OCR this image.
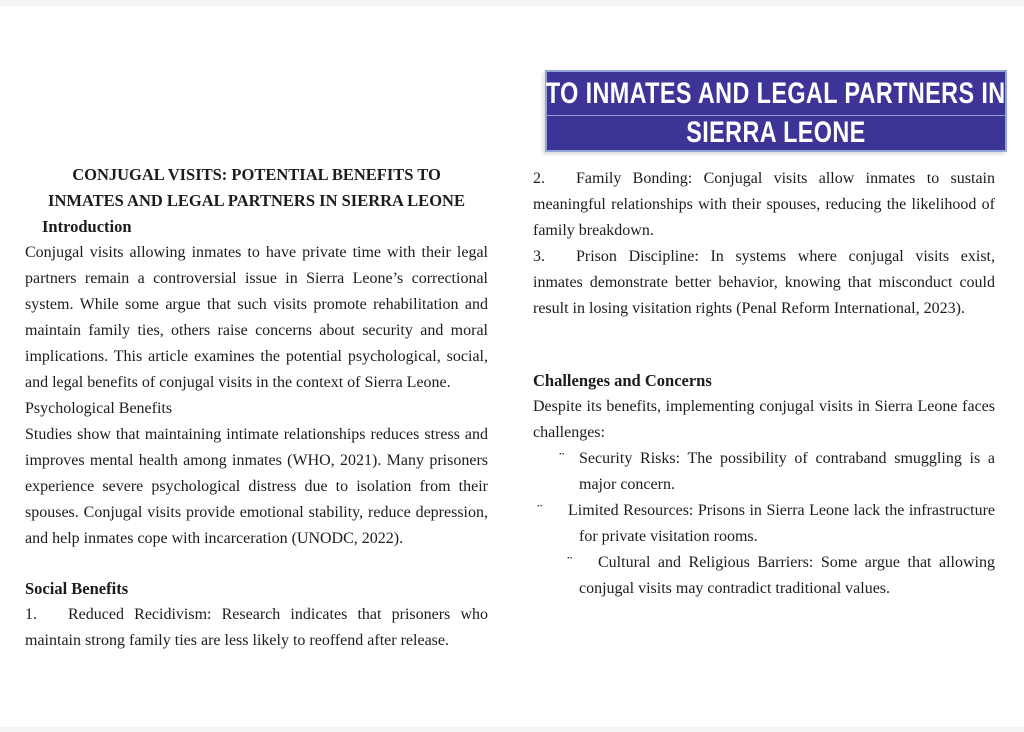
TO INMATES AND LEGAL PARTNERS IN
SIERRA LEONE
CONJUGAL VISITS: POTENTIAL BENEFITS TO
INMATES AND LEGAL PARTNERS IN SIERRA LEONE
Introduction

Conjugal visits allowing inmates to have private time with their legal partners remain a controversial issue in Sierra Leone’s correctional system. While some argue that such visits promote rehabilitation and maintain family ties, others raise concerns about security and moral implications. This article examines the potential psychological, social, and legal benefits of conjugal visits in the context of Sierra Leone.

Psychological Benefits

Studies show that maintaining intimate relationships reduces stress and improves mental health among inmates (WHO, 2021). Many prisoners experience severe psychological distress due to isolation from their spouses. Conjugal visits provide emotional stability, reduce depression, and help inmates cope with incarceration (UNODC, 2022).

Social Benefits

1. Reduced Recidivism: Research indicates that prisoners who maintain strong family ties are less likely to reoffend after release.

2. Family Bonding: Conjugal visits allow inmates to sustain meaningful relationships with their spouses, reducing the likelihood of family breakdown.

3. Prison Discipline: In systems where conjugal visits exist, inmates demonstrate better behavior, knowing that misconduct could result in losing visitation rights (Penal Reform International, 2023).

Challenges and Concerns

Despite its benefits, implementing conjugal visits in Sierra Leone faces challenges:

¨ Security Risks: The possibility of contraband smuggling is a major concern.

¨	Limited Resources: Prisons in Sierra Leone lack the infrastructure for private visitation rooms.

¨ Cultural and Religious Barriers: Some argue that allowing conjugal visits may contradict traditional values.
